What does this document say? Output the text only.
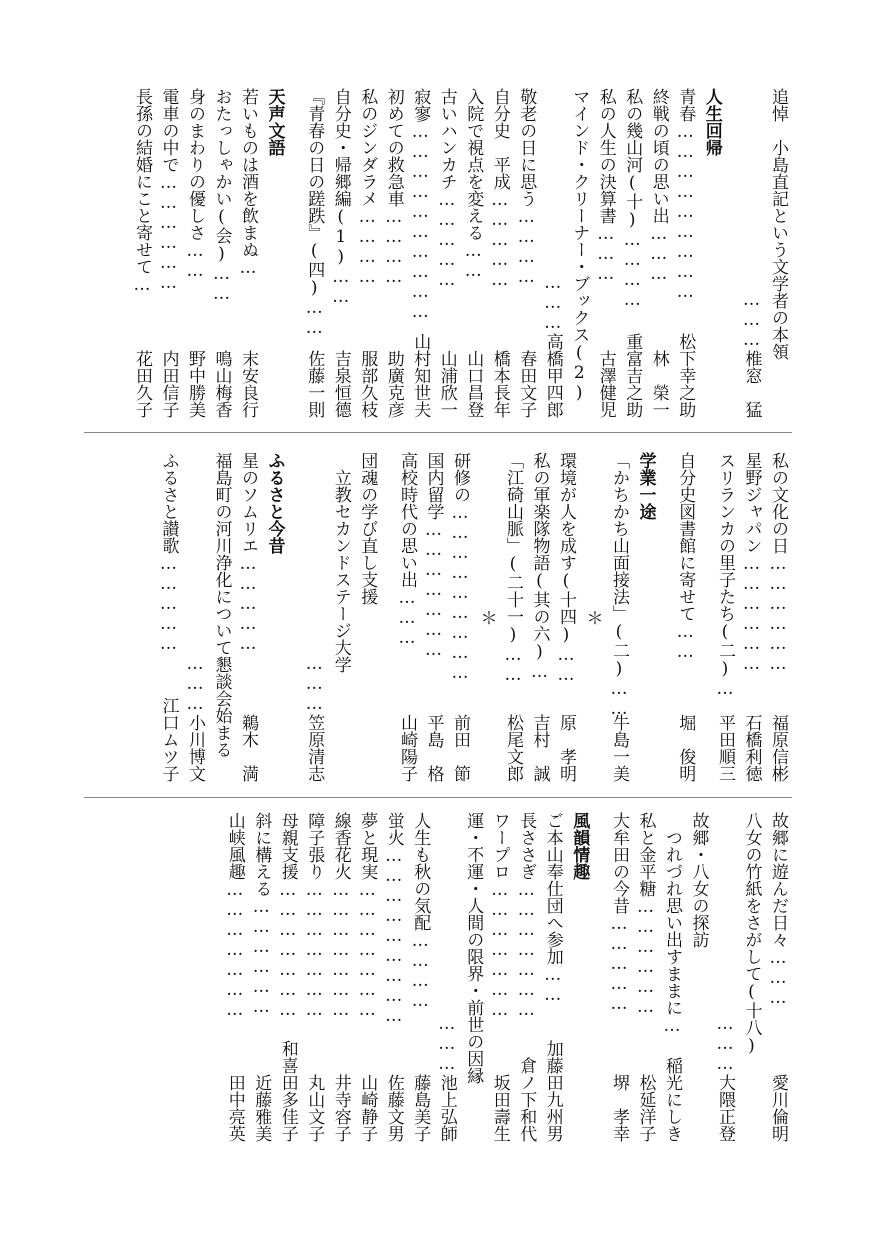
追悼　小島直記という文学者の本領
………椎窓　猛
人生回帰
青春………………………
松下幸之助
終戦の頃の思い出………
林　榮一
私の幾山河(十)…………
重富吉之助
私の人生の決算書………
古澤健児
マインド・クリーナー・ブックス(2)
………高橋甲四郎
敬老の日に思う…………
春田文子
自分史　平成……………
橋本長年
入院で視点を変える……
山口昌登
古いハンカチ……………
山浦欣一
寂寥…………………………
山村知世夫
初めての救急車…………
助廣克彦
私のジンダラメ…………
服部久枝
自分史・帰郷編(1)……
吉泉恒德
『青春の日の蹉跌』(四)……
佐藤一則
天声文語
若いものは酒を飲まぬ…
末安良行
おたっしゃかい(会)……
鳴山梅香
身のまわりの優しさ……
野中勝美
電車の中で………………
内田信子
長孫の結婚にこと寄せて…
花田久子
私の文化の日………………
福原信彬
星野ジャパン………………
石橋利徳
スリランカの里子たち(二)…
平田順三
自分史図書館に寄せて……
堀　俊明
学業一途
「かちかち山面接法」(二)……
牛島一美
＊
環境が人を成す(十四)……
原　孝明
私の軍楽隊物語(其の六)…
吉村　誠
「江碕山脈」(二十一)……
松尾文郎
＊
研修の………………………
前田　節
国内留学…………………
平島　格
高校時代の思い出………
山崎陽子
団魂の学び直し支援
　立教セカンドステージ大学
………笠原清志
ふるさと今昔
星のソムリエ……………
鵜木　満
福島町の河川浄化について懇談会始まる
………小川博文
ふるさと讃歌……………
江口ムツ子
故郷に遊んだ日々………
愛川倫明
八女の竹紙をさがして(十八)
………大隈正登
故郷・八女の探訪
　つれづれ思い出すままに…
稲光にしき
私と金平糖………………
松延洋子
大牟田の今昔……………
堺　孝幸
風韻情趣
ご本山奉仕団へ参加……
加藤田九州男
長ささぎ…………………
倉ノ下和代
ワープロ…………………
坂田壽生
運・不運・人間の限界・前世の因縁
………池上弘師
人生も秋の気配…………
藤島美子
蛍火………………………
佐藤文男
夢と現実…………………
山崎静子
線香花火…………………
井寺容子
障子張り…………………
丸山文子
母親支援…………………
和喜田多佳子
斜に構える………………
近藤雅美
山峡風趣…………………
田中亮英
